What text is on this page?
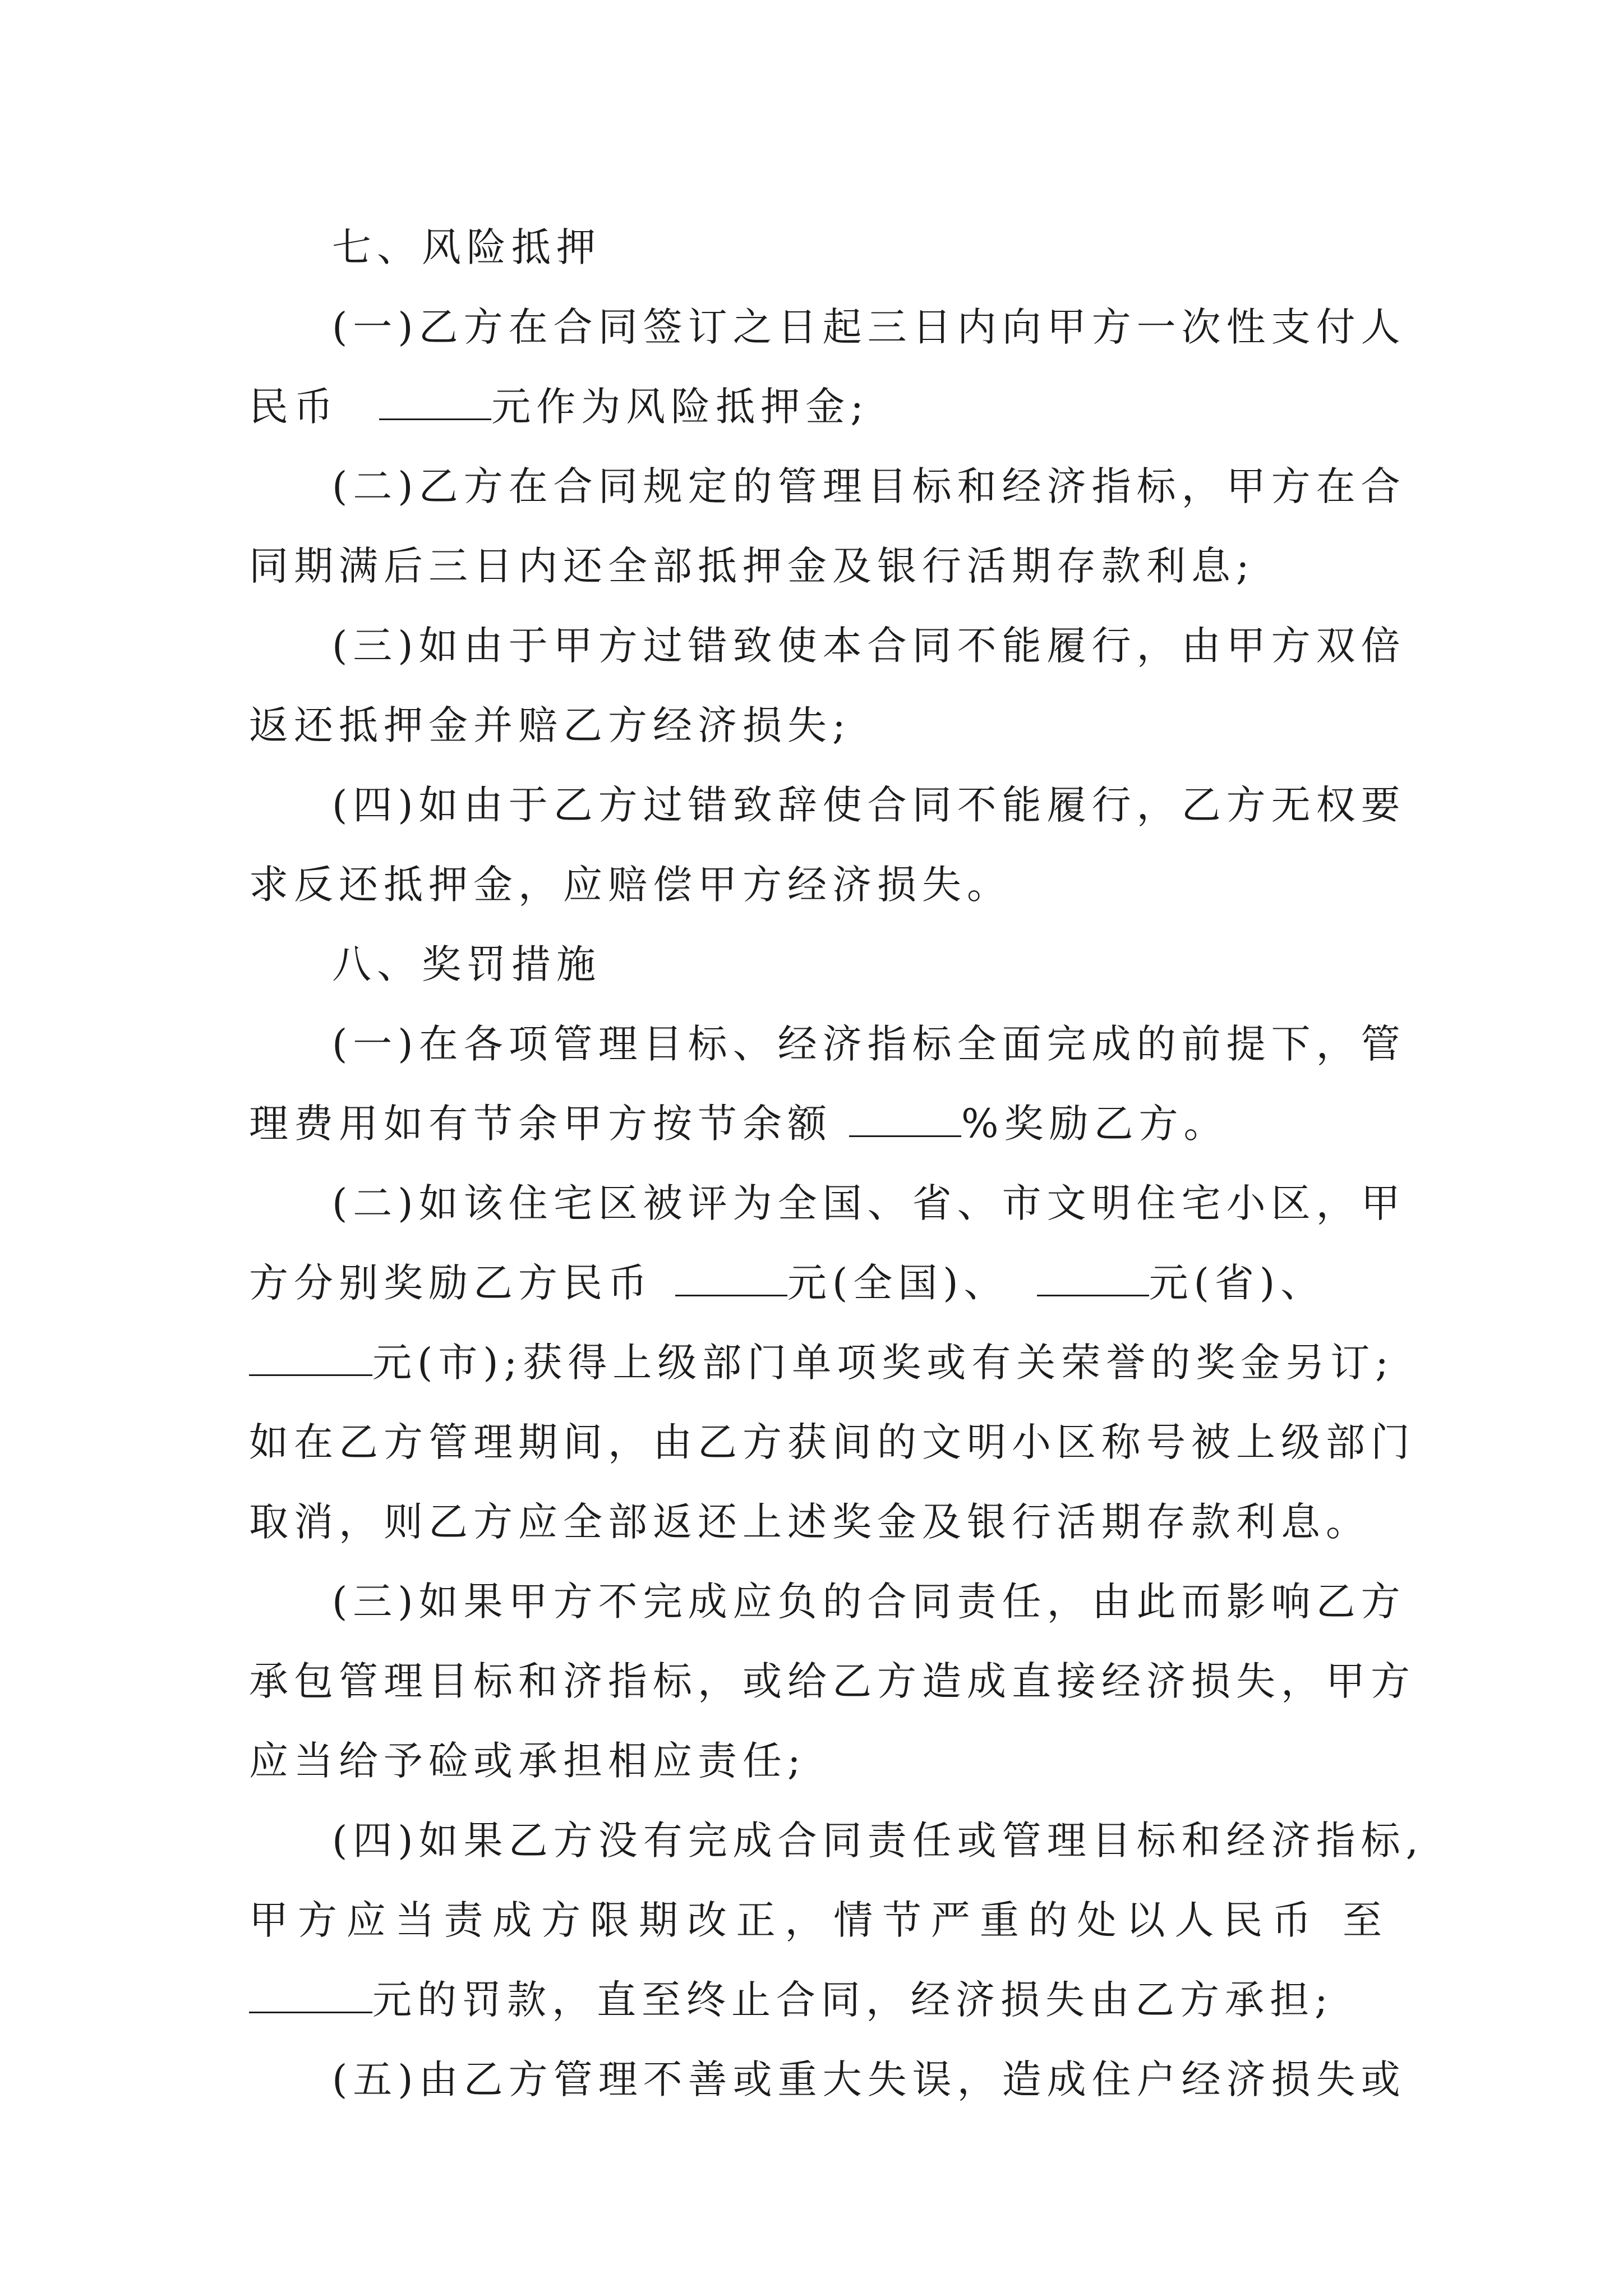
七、风险抵押
(一)乙方在合同签订之日起三日内向甲方一次性支付人
民币	元作为风险抵押金;
(二)乙方在合同规定的管理目标和经济指标，甲方在合
同期满后三日内还全部抵押金及银行活期存款利息;
(三)如由于甲方过错致使本合同不能履行，由甲方双倍
返还抵押金并赔乙方经济损失;
(四)如由于乙方过错致辞使合同不能履行，乙方无权要
求反还抵押金，应赔偿甲方经济损失。
八、奖罚措施
(一)在各项管理目标、经济指标全面完成的前提下，管
理费用如有节余甲方按节余额	%奖励乙方。
(二)如该住宅区被评为全国、省、市文明住宅小区，甲
方分别奖励乙方民币	元(全国)、	元(省)、
元(市);获得上级部门单项奖或有关荣誉的奖金另订;
如在乙方管理期间，由乙方获间的文明小区称号被上级部门
取消，则乙方应全部返还上述奖金及银行活期存款利息。
(三)如果甲方不完成应负的合同责任，由此而影响乙方
承包管理目标和济指标，或给乙方造成直接经济损失，甲方
应当给予硷或承担相应责任;
(四)如果乙方没有完成合同责任或管理目标和经济指标,
甲方应当责成方限期改正，情节严重的处以人民币 至
元的罚款，直至终止合同，经济损失由乙方承担;
(五)由乙方管理不善或重大失误，造成住户经济损失或
